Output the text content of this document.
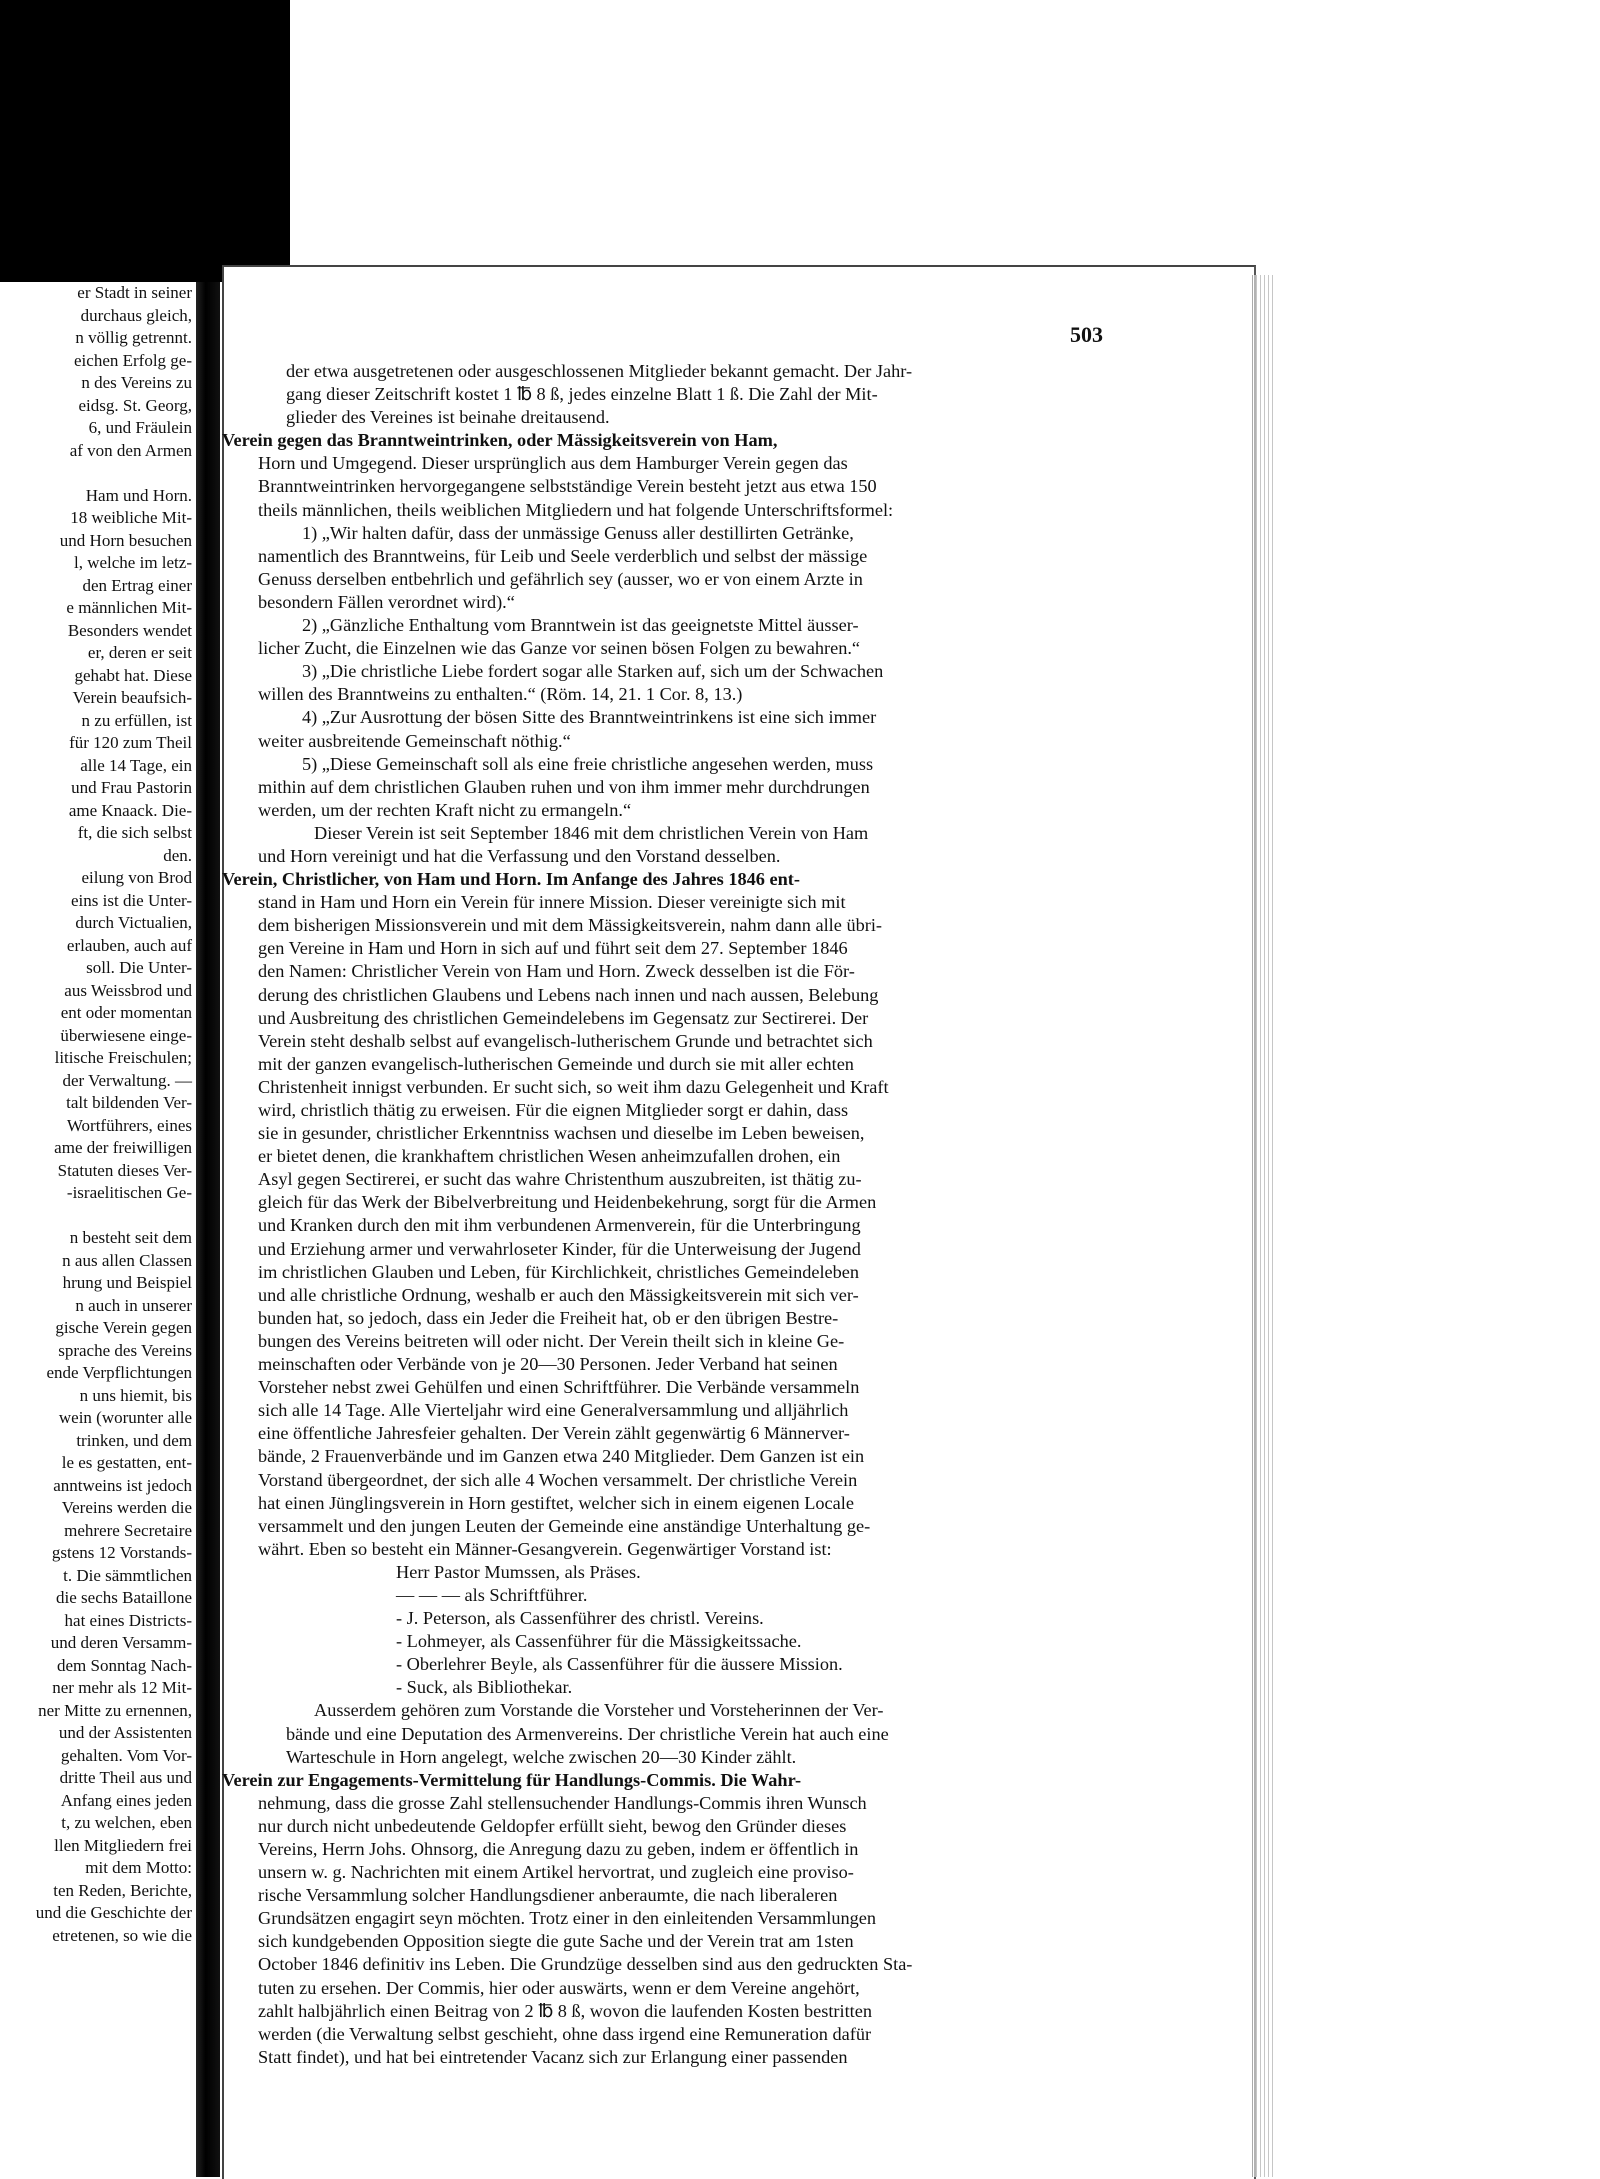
er Stadt in seiner
durchaus gleich,
n völlig getrennt.
eichen Erfolg ge-
n des Vereins zu
eidsg. St. Georg,
6, und Fräulein
af von den Armen
Ham und Horn.
18 weibliche Mit-
und Horn besuchen
l, welche im letz-
den Ertrag einer
e männlichen Mit-
Besonders wendet
er, deren er seit
gehabt hat. Diese
Verein beaufsich-
n zu erfüllen, ist
für 120 zum Theil
alle 14 Tage, ein
und Frau Pastorin
ame Knaack. Die-
ft, die sich selbst
den.
eilung von Brod
eins ist die Unter-
durch Victualien,
erlauben, auch auf
soll. Die Unter-
aus Weissbrod und
ent oder momentan
überwiesene einge-
litische Freischulen;
der Verwaltung. —
talt bildenden Ver-
Wortführers, eines
ame der freiwilligen
Statuten dieses Ver-
-israelitischen Ge-
n besteht seit dem
n aus allen Classen
hrung und Beispiel
n auch in unserer
gische Verein gegen
sprache des Vereins
ende Verpflichtungen
n uns hiemit, bis
wein (worunter alle
trinken, und dem
le es gestatten, ent-
anntweins ist jedoch
Vereins werden die
mehrere Secretaire
gstens 12 Vorstands-
t. Die sämmtlichen
die sechs Bataillone
hat eines Districts-
und deren Versamm-
dem Sonntag Nach-
ner mehr als 12 Mit-
ner Mitte zu ernennen,
und der Assistenten
gehalten. Vom Vor-
dritte Theil aus und
Anfang eines jeden
t, zu welchen, eben
llen Mitgliedern frei
mit dem Motto:
ten Reden, Berichte,
und die Geschichte der
etretenen, so wie die
503
der etwa ausgetretenen oder ausgeschlossenen Mitglieder bekannt gemacht. Der Jahr-
gang dieser Zeitschrift kostet 1 ℔ 8 ß, jedes einzelne Blatt 1 ß. Die Zahl der Mit-
glieder des Vereines ist beinahe dreitausend.
Verein gegen das Branntweintrinken, oder Mässigkeitsverein von Ham,
Horn und Umgegend. Dieser ursprünglich aus dem Hamburger Verein gegen das
Branntweintrinken hervorgegangene selbstständige Verein besteht jetzt aus etwa 150
theils männlichen, theils weiblichen Mitgliedern und hat folgende Unterschriftsformel:
1) „Wir halten dafür, dass der unmässige Genuss aller destillirten Getränke,
namentlich des Branntweins, für Leib und Seele verderblich und selbst der mässige
Genuss derselben entbehrlich und gefährlich sey (ausser, wo er von einem Arzte in
besondern Fällen verordnet wird).“
2) „Gänzliche Enthaltung vom Branntwein ist das geeignetste Mittel äusser-
licher Zucht, die Einzelnen wie das Ganze vor seinen bösen Folgen zu bewahren.“
3) „Die christliche Liebe fordert sogar alle Starken auf, sich um der Schwachen
willen des Branntweins zu enthalten.“ (Röm. 14, 21. 1 Cor. 8, 13.)
4) „Zur Ausrottung der bösen Sitte des Branntweintrinkens ist eine sich immer
weiter ausbreitende Gemeinschaft nöthig.“
5) „Diese Gemeinschaft soll als eine freie christliche angesehen werden, muss
mithin auf dem christlichen Glauben ruhen und von ihm immer mehr durchdrungen
werden, um der rechten Kraft nicht zu ermangeln.“
Dieser Verein ist seit September 1846 mit dem christlichen Verein von Ham
und Horn vereinigt und hat die Verfassung und den Vorstand desselben.
Verein, Christlicher, von Ham und Horn. Im Anfange des Jahres 1846 ent-
stand in Ham und Horn ein Verein für innere Mission. Dieser vereinigte sich mit
dem bisherigen Missionsverein und mit dem Mässigkeitsverein, nahm dann alle übri-
gen Vereine in Ham und Horn in sich auf und führt seit dem 27. September 1846
den Namen: Christlicher Verein von Ham und Horn. Zweck desselben ist die För-
derung des christlichen Glaubens und Lebens nach innen und nach aussen, Belebung
und Ausbreitung des christlichen Gemeindelebens im Gegensatz zur Sectirerei. Der
Verein steht deshalb selbst auf evangelisch-lutherischem Grunde und betrachtet sich
mit der ganzen evangelisch-lutherischen Gemeinde und durch sie mit aller echten
Christenheit innigst verbunden. Er sucht sich, so weit ihm dazu Gelegenheit und Kraft
wird, christlich thätig zu erweisen. Für die eignen Mitglieder sorgt er dahin, dass
sie in gesunder, christlicher Erkenntniss wachsen und dieselbe im Leben beweisen,
er bietet denen, die krankhaftem christlichen Wesen anheimzufallen drohen, ein
Asyl gegen Sectirerei, er sucht das wahre Christenthum auszubreiten, ist thätig zu-
gleich für das Werk der Bibelverbreitung und Heidenbekehrung, sorgt für die Armen
und Kranken durch den mit ihm verbundenen Armenverein, für die Unterbringung
und Erziehung armer und verwahrloseter Kinder, für die Unterweisung der Jugend
im christlichen Glauben und Leben, für Kirchlichkeit, christliches Gemeindeleben
und alle christliche Ordnung, weshalb er auch den Mässigkeitsverein mit sich ver-
bunden hat, so jedoch, dass ein Jeder die Freiheit hat, ob er den übrigen Bestre-
bungen des Vereins beitreten will oder nicht. Der Verein theilt sich in kleine Ge-
meinschaften oder Verbände von je 20—30 Personen. Jeder Verband hat seinen
Vorsteher nebst zwei Gehülfen und einen Schriftführer. Die Verbände versammeln
sich alle 14 Tage. Alle Vierteljahr wird eine Generalversammlung und alljährlich
eine öffentliche Jahresfeier gehalten. Der Verein zählt gegenwärtig 6 Männerver-
bände, 2 Frauenverbände und im Ganzen etwa 240 Mitglieder. Dem Ganzen ist ein
Vorstand übergeordnet, der sich alle 4 Wochen versammelt. Der christliche Verein
hat einen Jünglingsverein in Horn gestiftet, welcher sich in einem eigenen Locale
versammelt und den jungen Leuten der Gemeinde eine anständige Unterhaltung ge-
währt. Eben so besteht ein Männer-Gesangverein. Gegenwärtiger Vorstand ist:
Herr Pastor Mumssen, als Präses.
— — — als Schriftführer.
- J. Peterson, als Cassenführer des christl. Vereins.
- Lohmeyer, als Cassenführer für die Mässigkeitssache.
- Oberlehrer Beyle, als Cassenführer für die äussere Mission.
- Suck, als Bibliothekar.
Ausserdem gehören zum Vorstande die Vorsteher und Vorsteherinnen der Ver-
bände und eine Deputation des Armenvereins. Der christliche Verein hat auch eine
Warteschule in Horn angelegt, welche zwischen 20—30 Kinder zählt.
Verein zur Engagements-Vermittelung für Handlungs-Commis. Die Wahr-
nehmung, dass die grosse Zahl stellensuchender Handlungs-Commis ihren Wunsch
nur durch nicht unbedeutende Geldopfer erfüllt sieht, bewog den Gründer dieses
Vereins, Herrn Johs. Ohnsorg, die Anregung dazu zu geben, indem er öffentlich in
unsern w. g. Nachrichten mit einem Artikel hervortrat, und zugleich eine proviso-
rische Versammlung solcher Handlungsdiener anberaumte, die nach liberaleren
Grundsätzen engagirt seyn möchten. Trotz einer in den einleitenden Versammlungen
sich kundgebenden Opposition siegte die gute Sache und der Verein trat am 1sten
October 1846 definitiv ins Leben. Die Grundzüge desselben sind aus den gedruckten Sta-
tuten zu ersehen. Der Commis, hier oder auswärts, wenn er dem Vereine angehört,
zahlt halbjährlich einen Beitrag von 2 ℔ 8 ß, wovon die laufenden Kosten bestritten
werden (die Verwaltung selbst geschieht, ohne dass irgend eine Remuneration dafür
Statt findet), und hat bei eintretender Vacanz sich zur Erlangung einer passenden
